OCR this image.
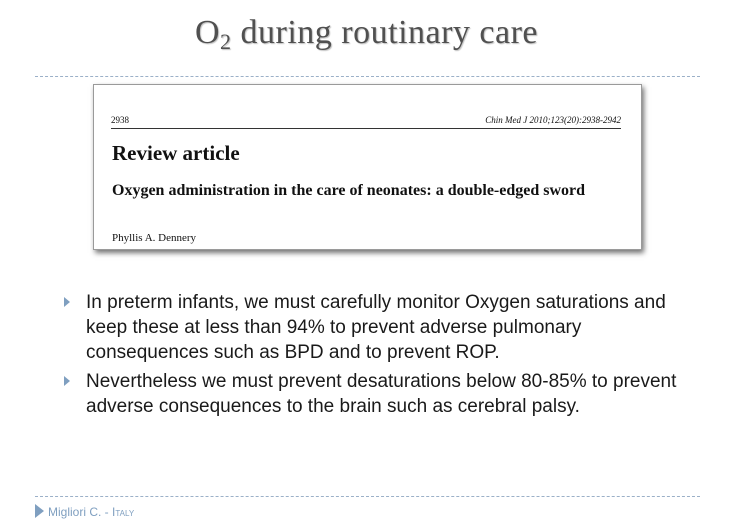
$O_2$ during routinary care
2938	Chin Med J 2010;123(20):2938-2942
Review article
Oxygen administration in the care of neonates: a double-edged sword
Phyllis A. Dennery
In preterm infants, we must carefully monitor Oxygen saturations and keep these at less than 94% to prevent adverse pulmonary consequences such as BPD and to prevent ROP.
Nevertheless we must prevent desaturations below 80-85% to prevent adverse consequences to the brain such as cerebral palsy.
Migliori C. - Italy
